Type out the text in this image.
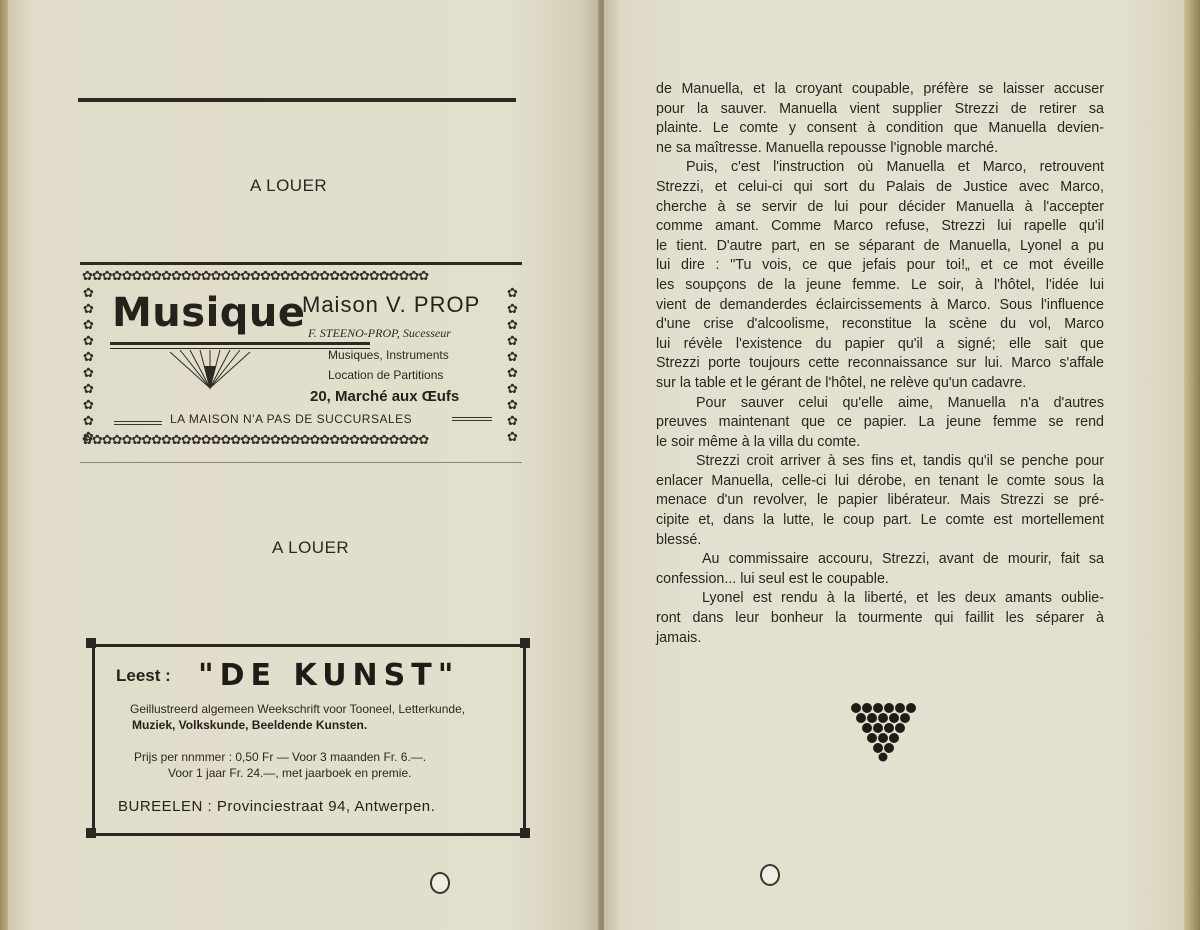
A LOUER
✿✿✿✿✿✿✿✿✿✿✿✿✿✿✿✿✿✿✿✿✿✿✿✿✿✿✿✿✿✿✿✿✿✿✿
✿✿✿✿✿✿✿✿✿✿	✿✿✿✿✿✿✿✿✿✿
✿✿✿✿✿✿✿✿✿✿✿✿✿✿✿✿✿✿✿✿✿✿✿✿✿✿✿✿✿✿✿✿✿✿✿
Musique
Maison V. PROP
F. STEENO-PROP, Sucesseur
Musiques, Instruments
Location de Partitions
20, Marché aux Œufs
LA MAISON N'A PAS DE SUCCURSALES
A LOUER
Leest : "DE KUNST"
Geillustreerd algemeen Weekschrift voor Tooneel, Letterkunde,
Muziek, Volkskunde, Beeldende Kunsten.
Prijs per nnmmer : 0,50 Fr — Voor 3 maanden Fr. 6.—.
Voor 1 jaar Fr. 24.—, met jaarboek en premie.
BUREELEN : Provinciestraat 94, Antwerpen.

de Manuella, et la croyant coupable, préfère se laisser accuser
pour la sauver. Manuella vient supplier Strezzi de retirer sa
plainte. Le comte y consent à condition que Manuella devien-
ne sa maîtresse. Manuella repousse l'ignoble marché.

Puis, c'est l'instruction où Manuella et Marco, retrouvent
Strezzi, et celui-ci qui sort du Palais de Justice avec Marco,
cherche à se servir de lui pour décider Manuella à l'accepter
comme amant. Comme Marco refuse, Strezzi lui rapelle qu'il
le tient. D'autre part, en se séparant de Manuella, Lyonel a pu
lui dire : "Tu vois, ce que jefais pour toi!„ et ce mot éveille
les soupçons de la jeune femme. Le soir, à l'hôtel, l'idée lui
vient de demanderdes éclaircissements à Marco. Sous l'influence
d'une crise d'alcoolisme, reconstitue la scène du vol, Marco
lui révèle l'existence du papier qu'il a signé; elle sait que
Strezzi porte toujours cette reconnaissance sur lui. Marco s'affale
sur la table et le gérant de l'hôtel, ne relève qu'un cadavre.

Pour sauver celui qu'elle aime, Manuella n'a d'autres
preuves maintenant que ce papier. La jeune femme se rend
le soir même à la villa du comte.

Strezzi croit arriver à ses fins et, tandis qu'il se penche pour
enlacer Manuella, celle-ci lui dérobe, en tenant le comte sous la
menace d'un revolver, le papier libérateur. Mais Strezzi se pré-
cipite et, dans la lutte, le coup part. Le comte est mortellement
blessé.

Au commissaire accouru, Strezzi, avant de mourir, fait sa
confession... lui seul est le coupable.

Lyonel est rendu à la liberté, et les deux amants oublie-
ront dans leur bonheur la tourmente qui faillit les séparer à
jamais.
